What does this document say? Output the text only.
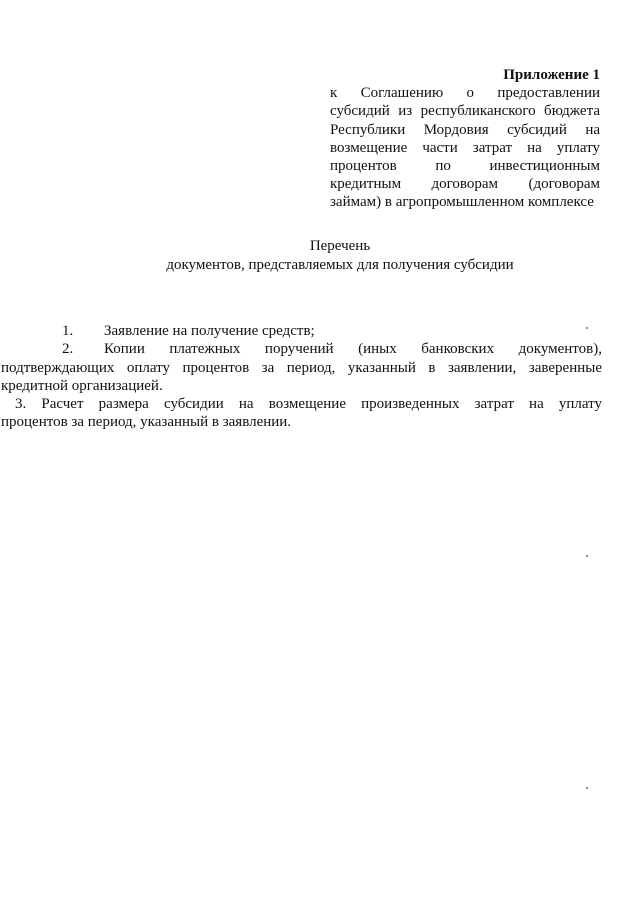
Приложение 1
к Соглашению о предоставлении
субсидий из республиканского бюджета
Республики Мордовия субсидий на
возмещение части затрат на уплату
процентов по инвестиционным
кредитным договорам (договорам
займам) в агропромышленном комплексе
Перечень
документов, представляемых для получения субсидии
1. Заявление на получение средств;
2. Копии платежных поручений (иных банковских документов),
подтверждающих оплату процентов за период, указанный в заявлении, заверенные
кредитной организацией.
3. Расчет размера субсидии на возмещение произведенных затрат на уплату
процентов за период, указанный в заявлении.
